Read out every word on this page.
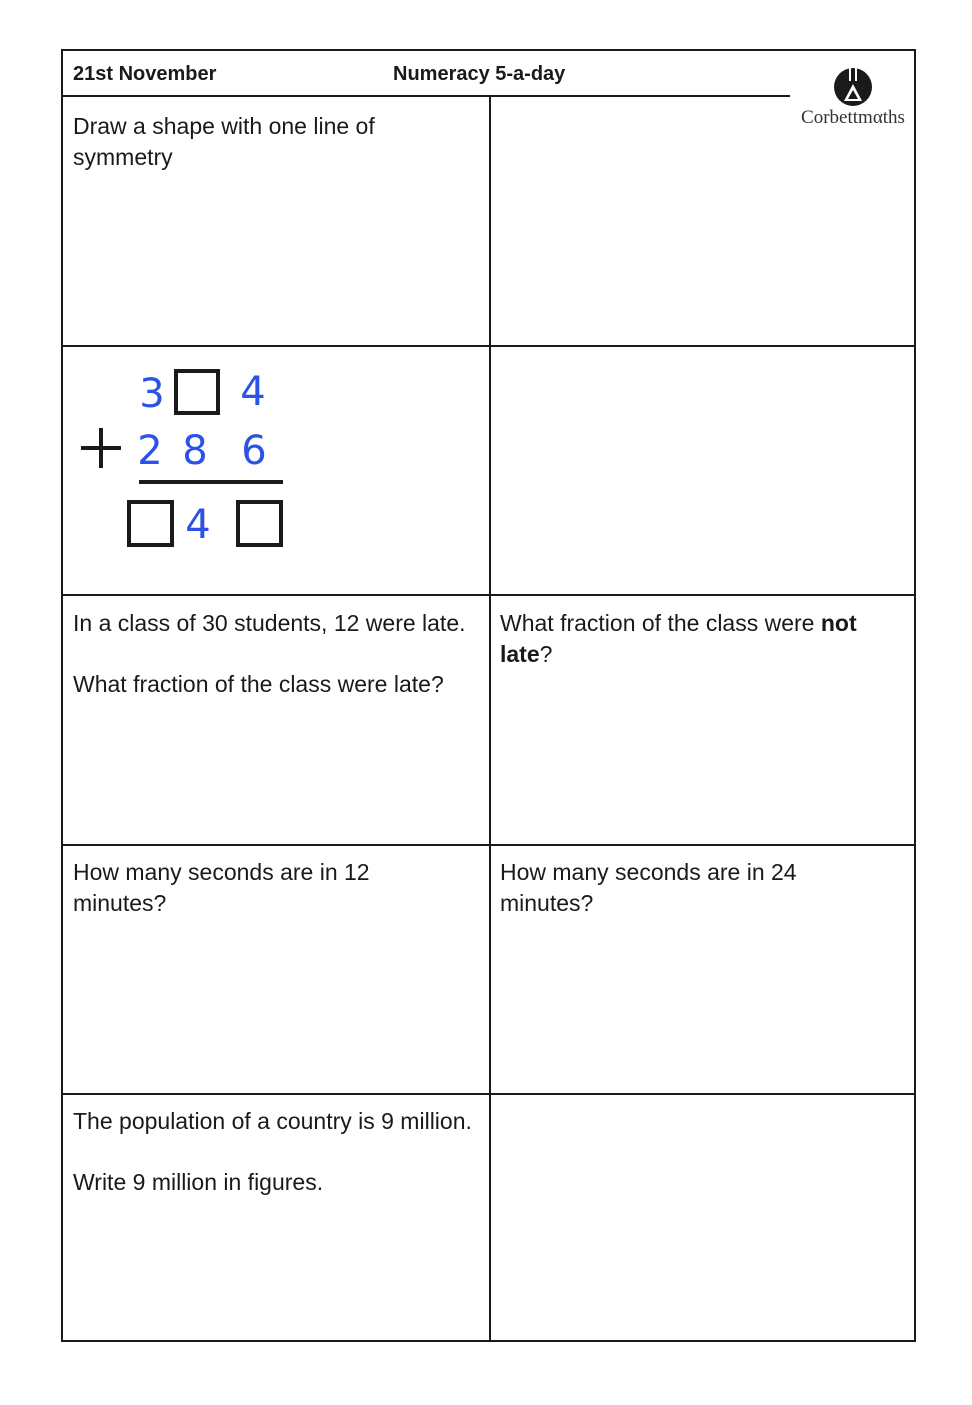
21st November	Numeracy 5-a-day
Corbettmαths
Draw a shape with one line of symmetry
3 4
2 8 6
4

In a class of 30 students, 12 were late.

What fraction of the class were late?

What fraction of the class were not late?
How many seconds are in 12 minutes?
How many seconds are in 24 minutes?

The population of a country is 9 million.

Write 9 million in figures.
